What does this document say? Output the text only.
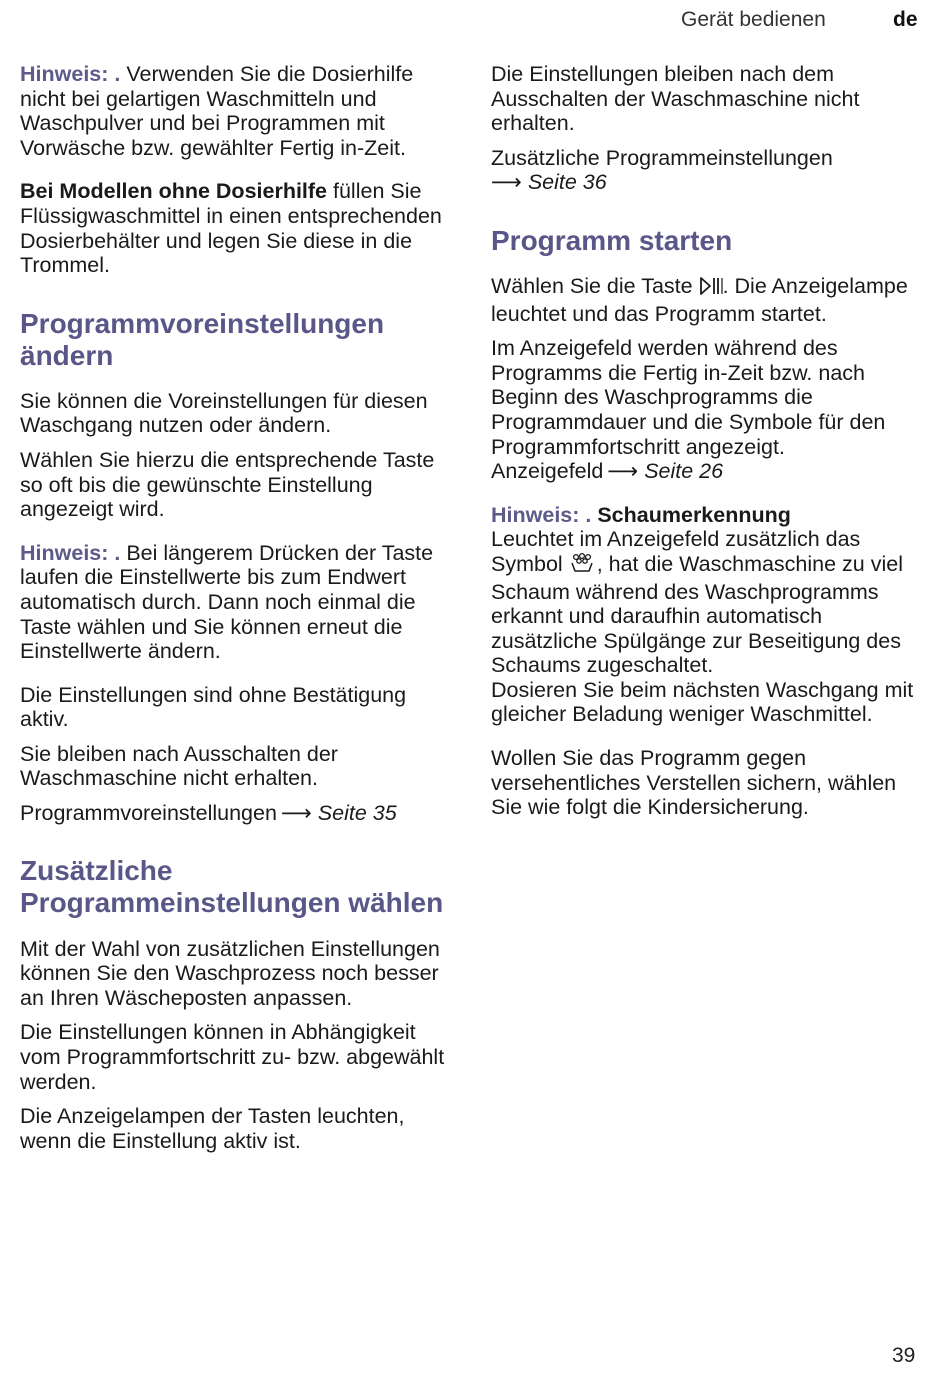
Gerät bedienen	de

Hinweis: . Verwenden Sie die Dosierhilfe nicht bei gelartigen Waschmitteln und Waschpulver und bei Programmen mit Vorwäsche bzw. gewählter Fertig in-Zeit.

Bei Modellen ohne Dosierhilfe füllen Sie Flüssigwaschmittel in einen entsprechenden Dosierbehälter und legen Sie diese in die Trommel.

Programmvoreinstellungen ändern

Sie können die Voreinstellungen für diesen Waschgang nutzen oder ändern.

Wählen Sie hierzu die entsprechende Taste so oft bis die gewünschte Einstellung angezeigt wird.

Hinweis: . Bei längerem Drücken der Taste laufen die Einstellwerte bis zum Endwert automatisch durch. Dann noch einmal die Taste wählen und Sie können erneut die Einstellwerte ändern.

Die Einstellungen sind ohne Bestätigung aktiv.

Sie bleiben nach Ausschalten der Waschmaschine nicht erhalten.

Programmvoreinstellungen ⟶ Seite 35

Zusätzliche Programmeinstellungen wählen

Mit der Wahl von zusätzlichen Einstellungen können Sie den Waschprozess noch besser an Ihren Wäscheposten anpassen.

Die Einstellungen können in Abhängigkeit vom Programmfortschritt zu- bzw. abgewählt werden.

Die Anzeigelampen der Tasten leuchten, wenn die Einstellung aktiv ist.

Die Einstellungen bleiben nach dem Ausschalten der Waschmaschine nicht erhalten.

Zusätzliche Programmeinstellungen
⟶ Seite 36

Programm starten

Wählen Sie die Taste . Die Anzeigelampe leuchtet und das Programm startet.

Im Anzeigefeld werden während des Programms die Fertig in-Zeit bzw. nach Beginn des Waschprogramms die Programmdauer und die Symbole für den Programmfortschritt angezeigt.
Anzeigefeld ⟶ Seite 26

Hinweis: . Schaumerkennung
Leuchtet im Anzeigefeld zusätzlich das Symbol , hat die Waschmaschine zu viel Schaum während des Waschprogramms erkannt und daraufhin automatisch zusätzliche Spülgänge zur Beseitigung des Schaums zugeschaltet.
Dosieren Sie beim nächsten Waschgang mit gleicher Beladung weniger Waschmittel.

Wollen Sie das Programm gegen versehentliches Verstellen sichern, wählen Sie wie folgt die Kindersicherung.

39
